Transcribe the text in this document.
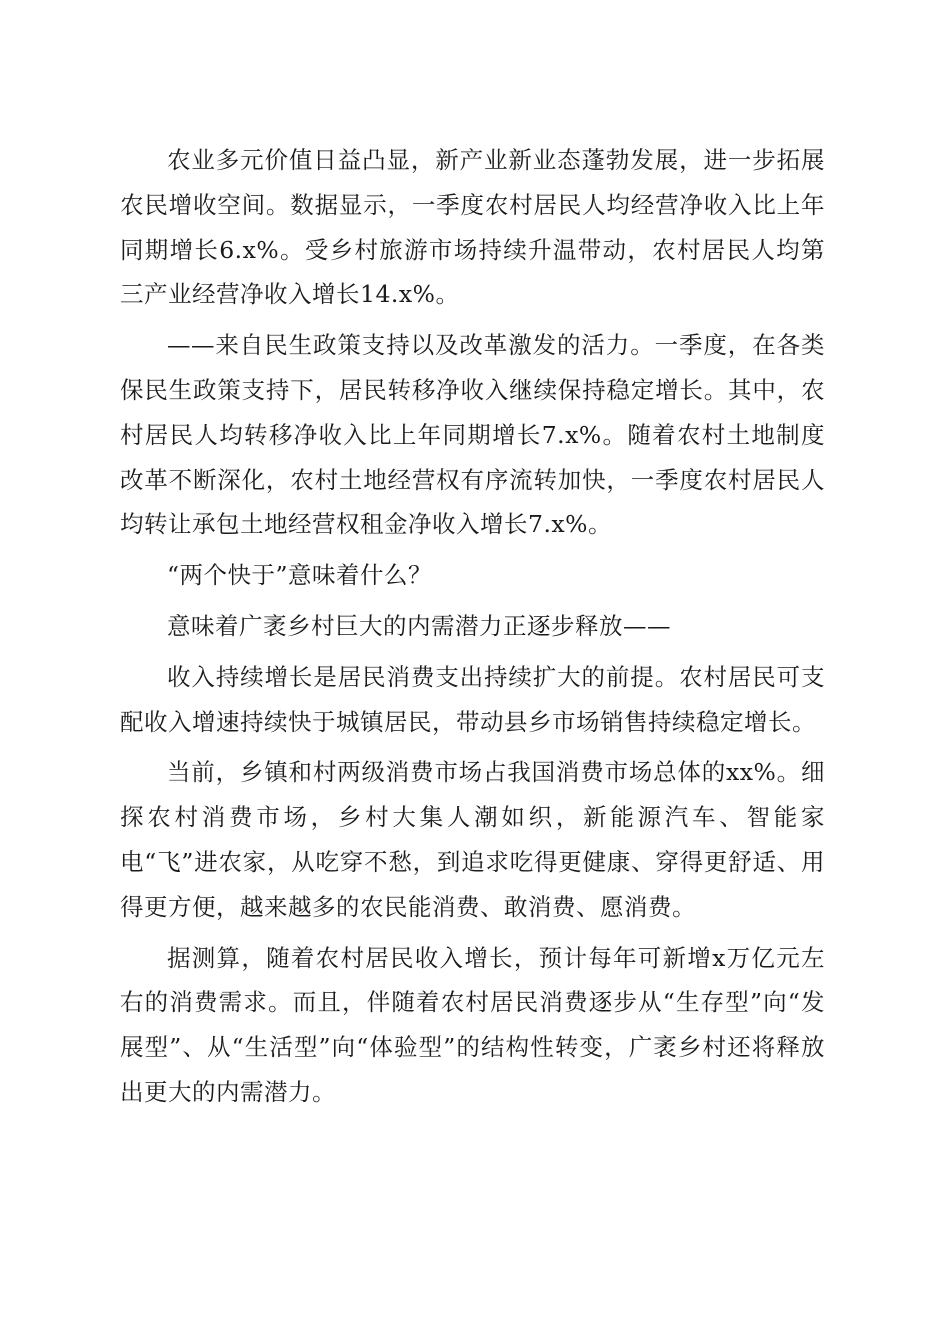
农业多元价值日益凸显，新产业新业态蓬勃发展，进一步拓展农民增收空间。数据显示，一季度农村居民人均经营净收入比上年同期增长6.x%。受乡村旅游市场持续升温带动，农村居民人均第三产业经营净收入增长14.x%。

——来自民生政策支持以及改革激发的活力。一季度，在各类保民生政策支持下，居民转移净收入继续保持稳定增长。其中，农村居民人均转移净收入比上年同期增长7.x%。随着农村土地制度改革不断深化，农村土地经营权有序流转加快，一季度农村居民人均转让承包土地经营权租金净收入增长7.x%。

“两个快于”意味着什么？

意味着广袤乡村巨大的内需潜力正逐步释放——

收入持续增长是居民消费支出持续扩大的前提。农村居民可支配收入增速持续快于城镇居民，带动县乡市场销售持续稳定增长。

当前，乡镇和村两级消费市场占我国消费市场总体的xx%。细探农村消费市场，乡村大集人潮如织，新能源汽车、智能家电“飞”进农家，从吃穿不愁，到追求吃得更健康、穿得更舒适、用得更方便，越来越多的农民能消费、敢消费、愿消费。

据测算，随着农村居民收入增长，预计每年可新增x万亿元左右的消费需求。而且，伴随着农村居民消费逐步从“生存型”向“发展型”、从“生活型”向“体验型”的结构性转变，广袤乡村还将释放出更大的内需潜力。
